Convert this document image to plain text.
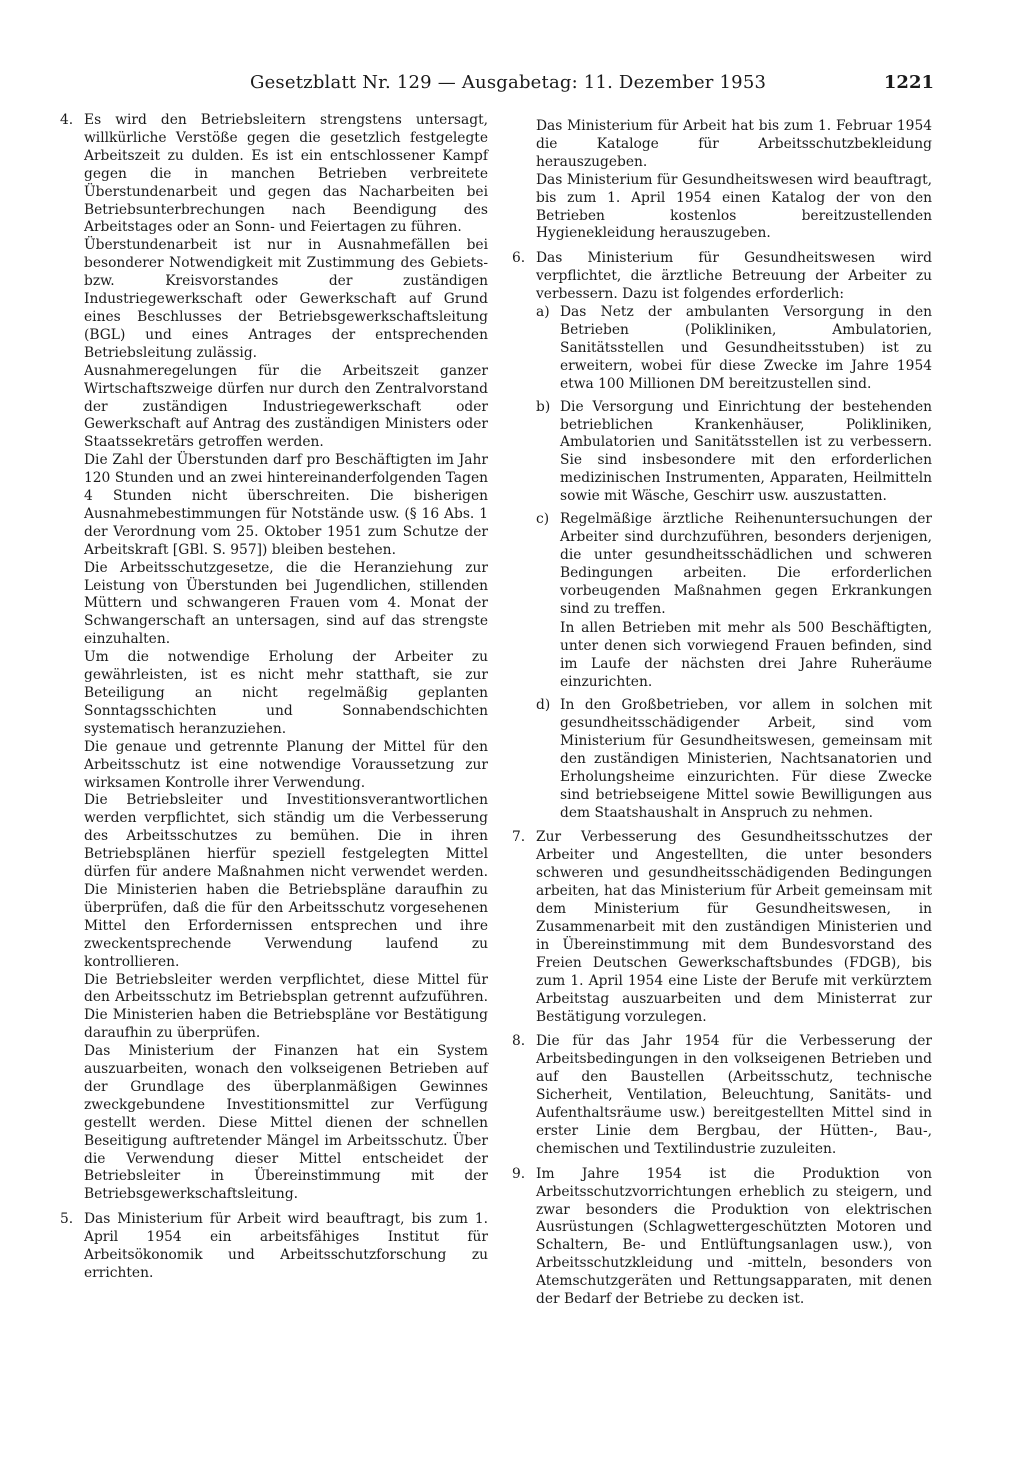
Gesetzblatt Nr. 129 — Ausgabetag: 11. Dezember 1953	1221
4. Es wird den Betriebsleitern strengstens untersagt, willkürliche Verstöße gegen die gesetzlich festgelegte Arbeitszeit zu dulden. Es ist ein entschlossener Kampf gegen die in manchen Betrieben verbreitete Überstundenarbeit und gegen das Nacharbeiten bei Betriebsunterbrechungen nach Beendigung des Arbeitstages oder an Sonn- und Feiertagen zu führen.

Überstundenarbeit ist nur in Ausnahmefällen bei besonderer Notwendigkeit mit Zustimmung des Gebiets- bzw. Kreisvorstandes der zuständigen Industriegewerkschaft oder Gewerkschaft auf Grund eines Beschlusses der Betriebsgewerkschaftsleitung (BGL) und eines Antrages der entsprechenden Betriebsleitung zulässig.

Ausnahmeregelungen für die Arbeitszeit ganzer Wirtschaftszweige dürfen nur durch den Zentralvorstand der zuständigen Industriegewerkschaft oder Gewerkschaft auf Antrag des zuständigen Ministers oder Staatssekretärs getroffen werden.

Die Zahl der Überstunden darf pro Beschäftigten im Jahr 120 Stunden und an zwei hintereinanderfolgenden Tagen 4 Stunden nicht überschreiten. Die bisherigen Ausnahmebestimmungen für Notstände usw. (§ 16 Abs. 1 der Verordnung vom 25. Oktober 1951 zum Schutze der Arbeitskraft [GBl. S. 957]) bleiben bestehen.

Die Arbeitsschutzgesetze, die die Heranziehung zur Leistung von Überstunden bei Jugendlichen, stillenden Müttern und schwangeren Frauen vom 4. Monat der Schwangerschaft an untersagen, sind auf das strengste einzuhalten.

Um die notwendige Erholung der Arbeiter zu gewährleisten, ist es nicht mehr statthaft, sie zur Beteiligung an nicht regelmäßig geplanten Sonntagsschichten und Sonnabendschichten systematisch heranzuziehen.

Die genaue und getrennte Planung der Mittel für den Arbeitsschutz ist eine notwendige Voraussetzung zur wirksamen Kontrolle ihrer Verwendung.

Die Betriebsleiter und Investitionsverantwortlichen werden verpflichtet, sich ständig um die Verbesserung des Arbeitsschutzes zu bemühen. Die in ihren Betriebsplänen hierfür speziell festgelegten Mittel dürfen für andere Maßnahmen nicht verwendet werden. Die Ministerien haben die Betriebspläne daraufhin zu überprüfen, daß die für den Arbeitsschutz vorgesehenen Mittel den Erfordernissen entsprechen und ihre zweckentsprechende Verwendung laufend zu kontrollieren.

Die Betriebsleiter werden verpflichtet, diese Mittel für den Arbeitsschutz im Betriebsplan getrennt aufzuführen. Die Ministerien haben die Betriebspläne vor Bestätigung daraufhin zu überprüfen.

Das Ministerium der Finanzen hat ein System auszuarbeiten, wonach den volkseigenen Betrieben auf der Grundlage des überplanmäßigen Gewinnes zweckgebundene Investitionsmittel zur Verfügung gestellt werden. Diese Mittel dienen der schnellen Beseitigung auftretender Mängel im Arbeitsschutz. Über die Verwendung dieser Mittel entscheidet der Betriebsleiter in Übereinstimmung mit der Betriebsgewerkschaftsleitung.

5. Das Ministerium für Arbeit wird beauftragt, bis zum 1. April 1954 ein arbeitsfähiges Institut für Arbeitsökonomik und Arbeitsschutzforschung zu errichten.

Das Ministerium für Arbeit hat bis zum 1. Februar 1954 die Kataloge für Arbeitsschutzbekleidung herauszugeben.

Das Ministerium für Gesundheitswesen wird beauftragt, bis zum 1. April 1954 einen Katalog der von den Betrieben kostenlos bereitzustellenden Hygienekleidung herauszugeben.

6. Das Ministerium für Gesundheitswesen wird verpflichtet, die ärztliche Betreuung der Arbeiter zu verbessern. Dazu ist folgendes erforderlich:

a) Das Netz der ambulanten Versorgung in den Betrieben (Polikliniken, Ambulatorien, Sanitätsstellen und Gesundheitsstuben) ist zu erweitern, wobei für diese Zwecke im Jahre 1954 etwa 100 Millionen DM bereitzustellen sind.
b) Die Versorgung und Einrichtung der bestehenden betrieblichen Krankenhäuser, Polikliniken, Ambulatorien und Sanitätsstellen ist zu verbessern. Sie sind insbesondere mit den erforderlichen medizinischen Instrumenten, Apparaten, Heilmitteln sowie mit Wäsche, Geschirr usw. auszustatten.
c) Regelmäßige ärztliche Reihenuntersuchungen der Arbeiter sind durchzuführen, besonders derjenigen, die unter gesundheitsschädlichen und schweren Bedingungen arbeiten. Die erforderlichen vorbeugenden Maßnahmen gegen Erkrankungen sind zu treffen.
In allen Betrieben mit mehr als 500 Beschäftigten, unter denen sich vorwiegend Frauen befinden, sind im Laufe der nächsten drei Jahre Ruheräume einzurichten.
d) In den Großbetrieben, vor allem in solchen mit gesundheitsschädigender Arbeit, sind vom Ministerium für Gesundheitswesen, gemeinsam mit den zuständigen Ministerien, Nachtsanatorien und Erholungsheime einzurichten. Für diese Zwecke sind betriebseigene Mittel sowie Bewilligungen aus dem Staatshaushalt in Anspruch zu nehmen.
7. Zur Verbesserung des Gesundheitsschutzes der Arbeiter und Angestellten, die unter besonders schweren und gesundheitsschädigenden Bedingungen arbeiten, hat das Ministerium für Arbeit gemeinsam mit dem Ministerium für Gesundheitswesen, in Zusammenarbeit mit den zuständigen Ministerien und in Übereinstimmung mit dem Bundesvorstand des Freien Deutschen Gewerkschaftsbundes (FDGB), bis zum 1. April 1954 eine Liste der Berufe mit verkürztem Arbeitstag auszuarbeiten und dem Ministerrat zur Bestätigung vorzulegen.

8. Die für das Jahr 1954 für die Verbesserung der Arbeitsbedingungen in den volkseigenen Betrieben und auf den Baustellen (Arbeitsschutz, technische Sicherheit, Ventilation, Beleuchtung, Sanitäts- und Aufenthaltsräume usw.) bereitgestellten Mittel sind in erster Linie dem Bergbau, der Hütten-, Bau-, chemischen und Textilindustrie zuzuleiten.

9. Im Jahre 1954 ist die Produktion von Arbeitsschutzvorrichtungen erheblich zu steigern, und zwar besonders die Produktion von elektrischen Ausrüstungen (Schlagwettergeschützten Motoren und Schaltern, Be- und Entlüftungsanlagen usw.), von Arbeitsschutzkleidung und -mitteln, besonders von Atemschutzgeräten und Rettungsapparaten, mit denen der Bedarf der Betriebe zu decken ist.
